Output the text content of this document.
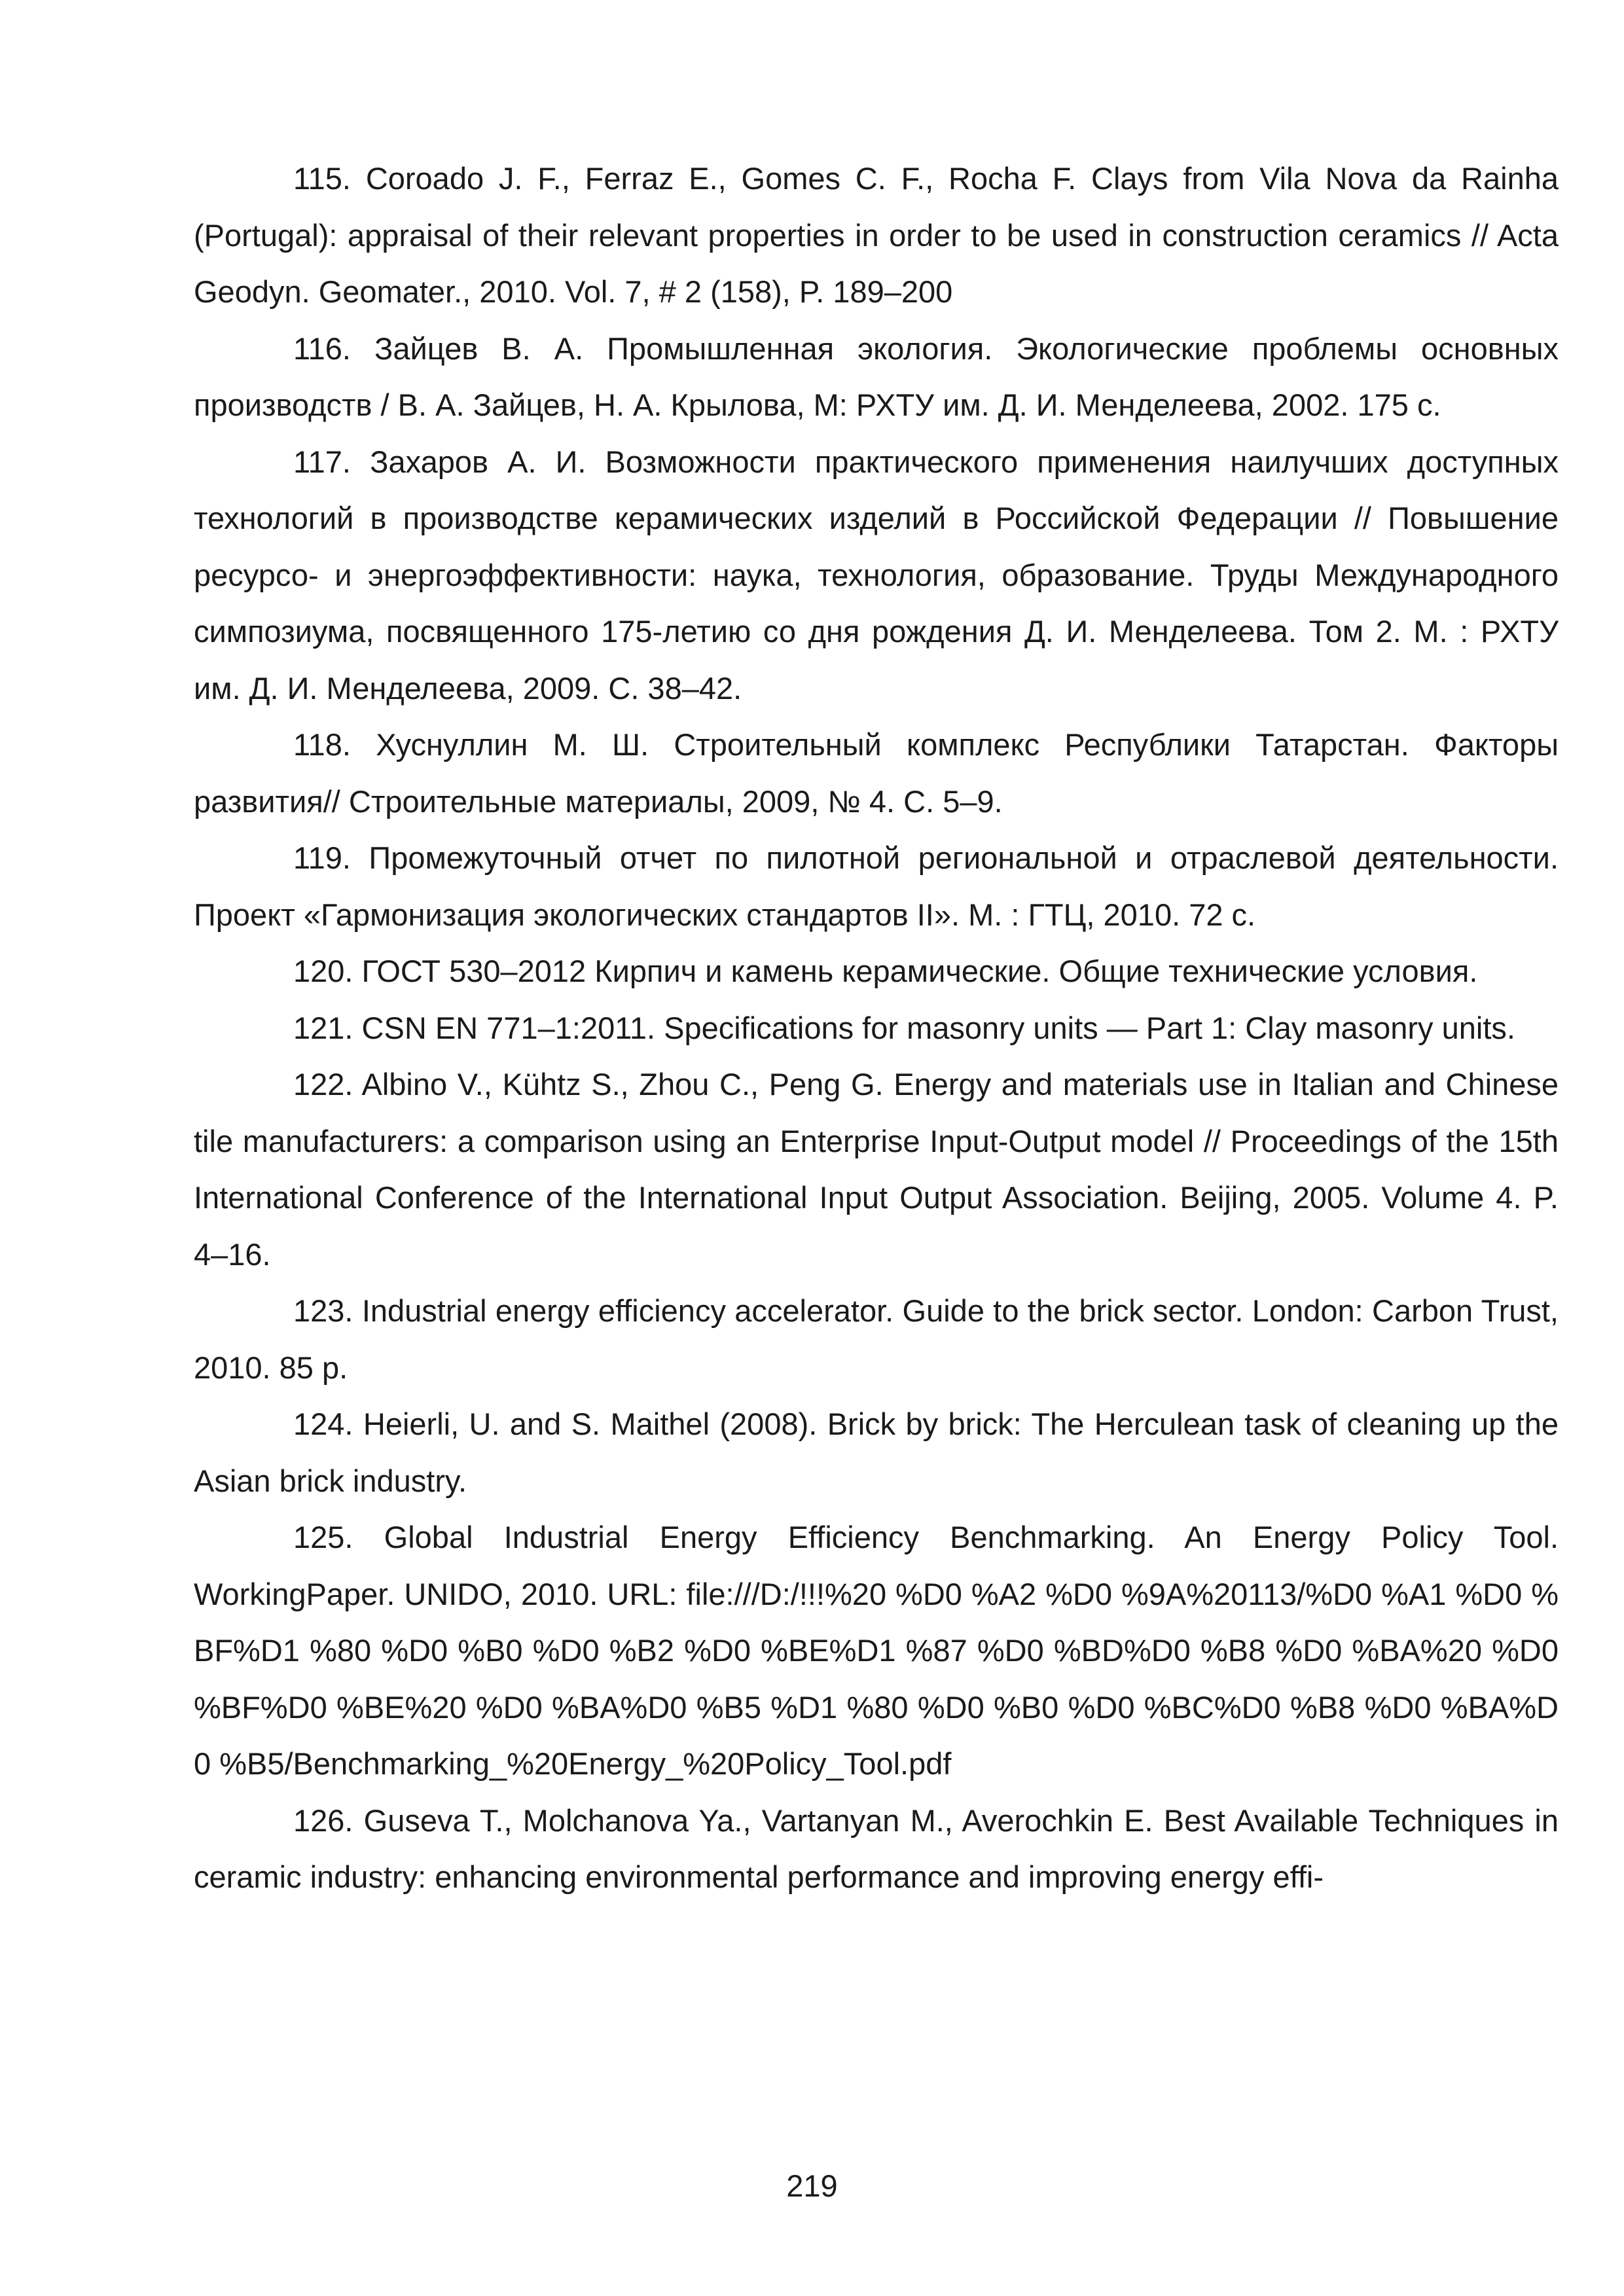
115. Coroado J. F., Ferraz E., Gomes C. F., Rocha F. Clays from Vila Nova da Rainha (Portugal): appraisal of their relevant properties in order to be used in construction ceramics // Acta Geodyn. Geomater., 2010. Vol. 7, # 2 (158), P. 189–200

116. Зайцев В. А. Промышленная экология. Экологические проблемы основных производств / В. А. Зайцев, Н. А. Крылова, М: РХТУ им. Д. И. Менделеева, 2002. 175 с.

117. Захаров А. И. Возможности практического применения наилучших доступных технологий в производстве керамических изделий в Российской Федерации // Повышение ресурсо- и энергоэффективности: наука, технология, образование. Труды Международного симпозиума, посвященного 175-летию со дня рождения Д. И. Менделеева. Том 2. М. : РХТУ им. Д. И. Менделеева, 2009. С. 38–42.

118. Хуснуллин М. Ш. Строительный комплекс Республики Татарстан. Факторы развития// Строительные материалы, 2009, № 4. С. 5–9.

119. Промежуточный отчет по пилотной региональной и отраслевой деятельности. Проект «Гармонизация экологических стандартов II». М. : ГТЦ, 2010. 72 с.

120. ГОСТ 530–2012 Кирпич и камень керамические. Общие технические условия.

121. CSN EN 771–1:2011. Specifications for masonry units — Part 1: Clay masonry units.

122. Albino V., Kühtz S., Zhou C., Peng G. Energy and materials use in Italian and Chinese tile manufacturers: a comparison using an Enterprise Input-Output model // Proceedings of the 15th International Conference of the International Input Output Association. Beijing, 2005. Volume 4. P. 4–16.

123. Industrial energy efficiency accelerator. Guide to the brick sector. London: Carbon Trust, 2010. 85 p.

124. Heierli, U. and S. Maithel (2008). Brick by brick: The Herculean task of cleaning up the Asian brick industry.

125. Global Industrial Energy Efficiency Benchmarking. An Energy Policy Tool. WorkingPaper. UNIDO, 2010. URL: file:///D:/!!!%20 %D0 %A2 %D0 %9A%20113/%D0 %A1 %D0 %BF%D1 %80 %D0 %B0 %D0 %B2 %D0 %BE%D1 %87 %D0 %BD%D0 %B8 %D0 %BA%20 %D0 %BF%D0 %BE%20 %D0 %BA%D0 %B5 %D1 %80 %D0 %B0 %D0 %BC%D0 %B8 %D0 %BA%D0 %B5/Benchmarking_%20Energy_%20Policy_Tool.pdf

126. Guseva T., Molchanova Ya., Vartanyan M., Averochkin E. Best Available Techniques in ceramic industry: enhancing environmental performance and improving energy effi-

219
